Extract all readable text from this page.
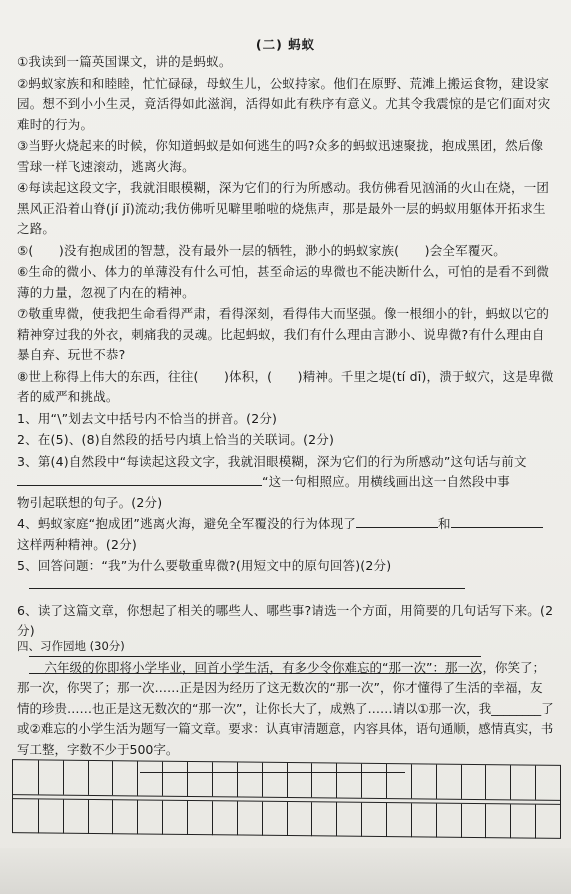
(二) 蚂蚁

①我读到一篇英国课文，讲的是蚂蚁。

②蚂蚁家族和和睦睦，忙忙碌碌，母蚁生儿，公蚁持家。他们在原野、荒滩上搬运食物，建设家园。想不到小小生灵，竟活得如此滋润，活得如此有秩序有意义。尤其令我震惊的是它们面对灾难时的行为。

③当野火烧起来的时候，你知道蚂蚁是如何逃生的吗?众多的蚂蚁迅速聚拢，抱成黑团，然后像雪球一样飞速滚动，逃离火海。

④每读起这段文字，我就泪眼模糊，深为它们的行为所感动。我仿佛看见汹涌的火山在烧，一团黑风正沿着山脊(jí jǐ)流动;我仿佛听见噼里啪啦的烧焦声，那是最外一层的蚂蚁用躯体开拓求生之路。

⑤(　　)没有抱成团的智慧，没有最外一层的牺牲，渺小的蚂蚁家族(　　)会全军覆灭。

⑥生命的微小、体力的单薄没有什么可怕，甚至命运的卑微也不能决断什么，可怕的是看不到微薄的力量，忽视了内在的精神。

⑦敬重卑微，使我把生命看得严肃，看得深刻，看得伟大而坚强。像一根细小的针，蚂蚁以它的精神穿过我的外衣，刺痛我的灵魂。比起蚂蚁，我们有什么理由言渺小、说卑微?有什么理由自暴自弃、玩世不恭?

⑧世上称得上伟大的东西，往往(　　)体积，(　　)精神。千里之堤(tí dī)，溃于蚁穴，这是卑微者的威严和挑战。

1、用“\”划去文中括号内不恰当的拼音。(2分)

2、在(5)、(8)自然段的括号内填上恰当的关联词。(2分)

3、第(4)自然段中“每读起这段文字，我就泪眼模糊，深为它们的行为所感动”这句话与前文
“这一句相照应。用横线画出这一自然段中事
物引起联想的句子。(2分)

4、蚂蚁家庭“抱成团”逃离火海，避免全军覆没的行为体现了	和
这样两种精神。(2分)

5、回答问题：“我”为什么要敬重卑微?(用短文中的原句回答)(2分)

6、读了这篇文章，你想起了相关的哪些人、哪些事?请选一个方面，用简要的几句话写下来。(2分)

四、习作园地 (30分)
六年级的你即将小学毕业，回首小学生活，有多少令你难忘的“那一次”：那一次，你笑了；那一次，你哭了；那一次……正是因为经历了这无数次的“那一次”，你才懂得了生活的幸福，友情的珍贵……也正是这无数次的“那一次”，让你长大了，成熟了……请以①那一次，我________了或②难忘的小学生活为题写一篇文章。要求：认真审清题意，内容具体，语句通顺，感情真实，书写工整，字数不少于500字。
